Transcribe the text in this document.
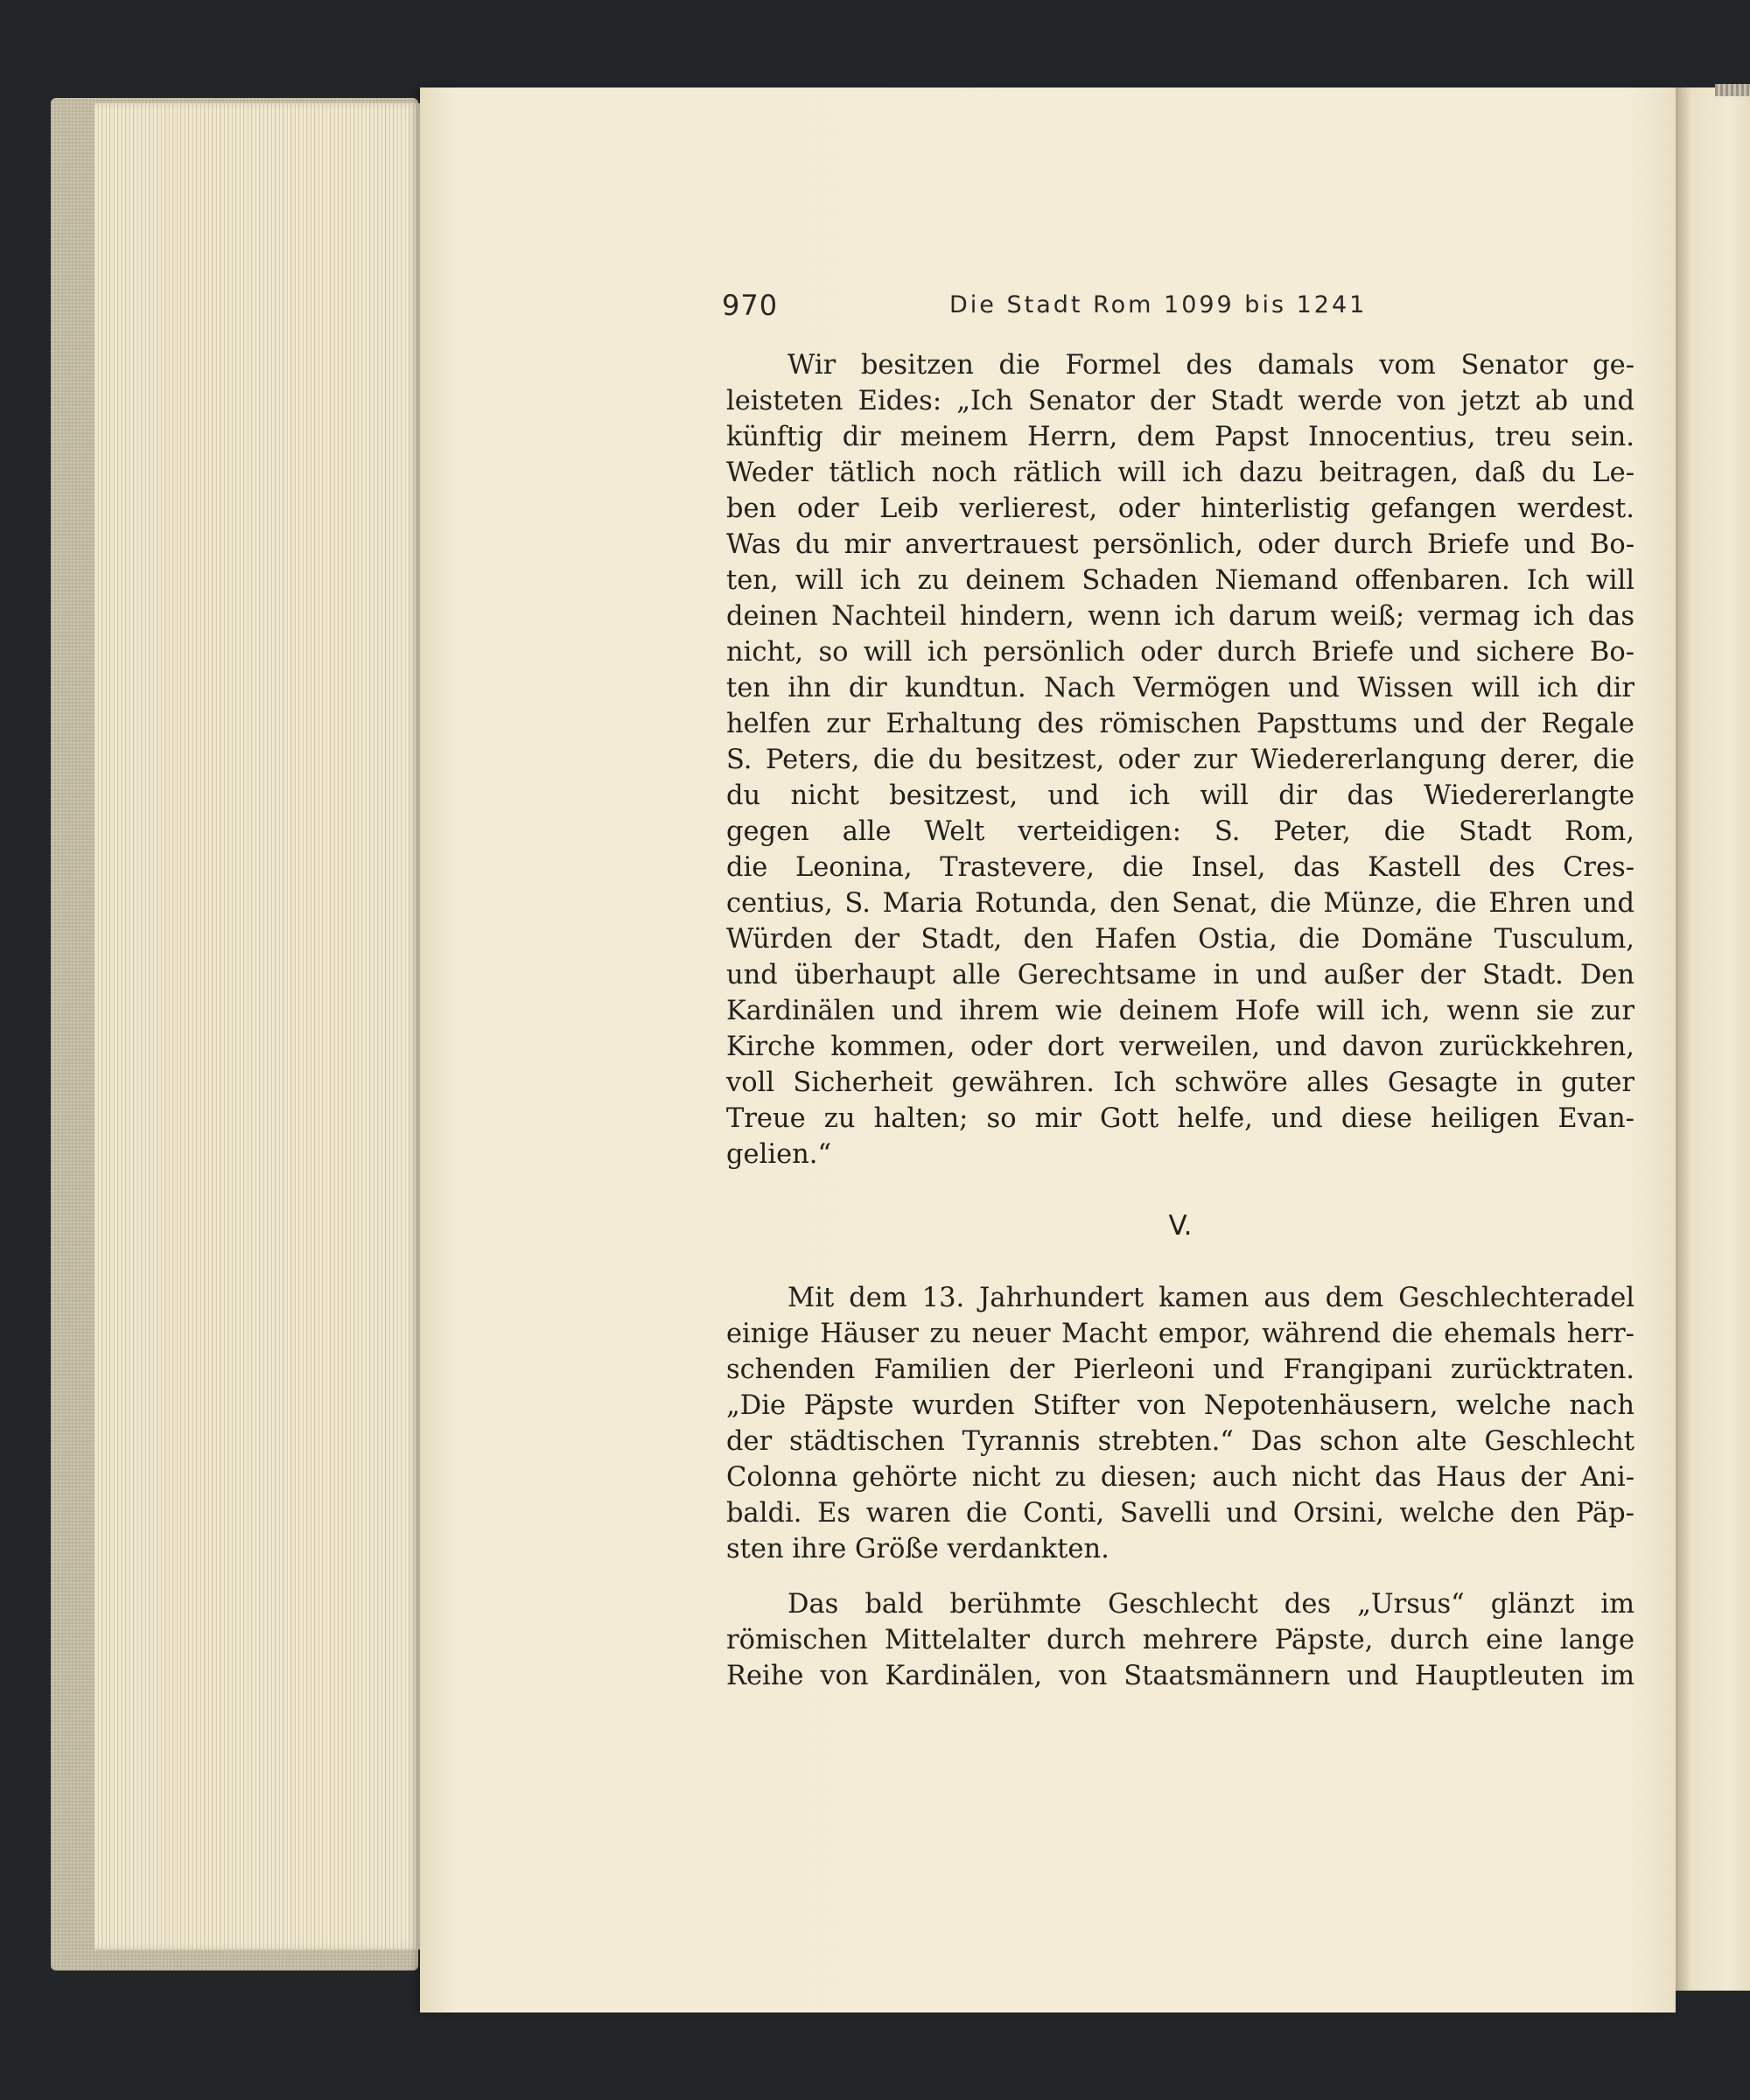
970	Die Stadt Rom 1099 bis 1241
Wir besitzen die Formel des damals vom Senator ge-
leisteten Eides: „Ich Senator der Stadt werde von jetzt ab und
künftig dir meinem Herrn, dem Papst Innocentius, treu sein.
Weder tätlich noch rätlich will ich dazu beitragen, daß du Le-
ben oder Leib verlierest, oder hinterlistig gefangen werdest.
Was du mir anvertrauest persönlich, oder durch Briefe und Bo-
ten, will ich zu deinem Schaden Niemand offenbaren. Ich will
deinen Nachteil hindern, wenn ich darum weiß; vermag ich das
nicht, so will ich persönlich oder durch Briefe und sichere Bo-
ten ihn dir kundtun. Nach Vermögen und Wissen will ich dir
helfen zur Erhaltung des römischen Papsttums und der Regale
S. Peters, die du besitzest, oder zur Wiedererlangung derer, die
du nicht besitzest, und ich will dir das Wiedererlangte
gegen alle Welt verteidigen: S. Peter, die Stadt Rom,
die Leonina, Trastevere, die Insel, das Kastell des Cres-
centius, S. Maria Rotunda, den Senat, die Münze, die Ehren und
Würden der Stadt, den Hafen Ostia, die Domäne Tusculum,
und überhaupt alle Gerechtsame in und außer der Stadt. Den
Kardinälen und ihrem wie deinem Hofe will ich, wenn sie zur
Kirche kommen, oder dort verweilen, und davon zurückkehren,
voll Sicherheit gewähren. Ich schwöre alles Gesagte in guter
Treue zu halten; so mir Gott helfe, und diese heiligen Evan-
gelien.“
V.
Mit dem 13. Jahrhundert kamen aus dem Geschlechteradel
einige Häuser zu neuer Macht empor, während die ehemals herr-
schenden Familien der Pierleoni und Frangipani zurücktraten.
„Die Päpste wurden Stifter von Nepotenhäusern, welche nach
der städtischen Tyrannis strebten.“ Das schon alte Geschlecht
Colonna gehörte nicht zu diesen; auch nicht das Haus der Ani-
baldi. Es waren die Conti, Savelli und Orsini, welche den Päp-
sten ihre Größe verdankten.
Das bald berühmte Geschlecht des „Ursus“ glänzt im
römischen Mittelalter durch mehrere Päpste, durch eine lange
Reihe von Kardinälen, von Staatsmännern und Hauptleuten im
